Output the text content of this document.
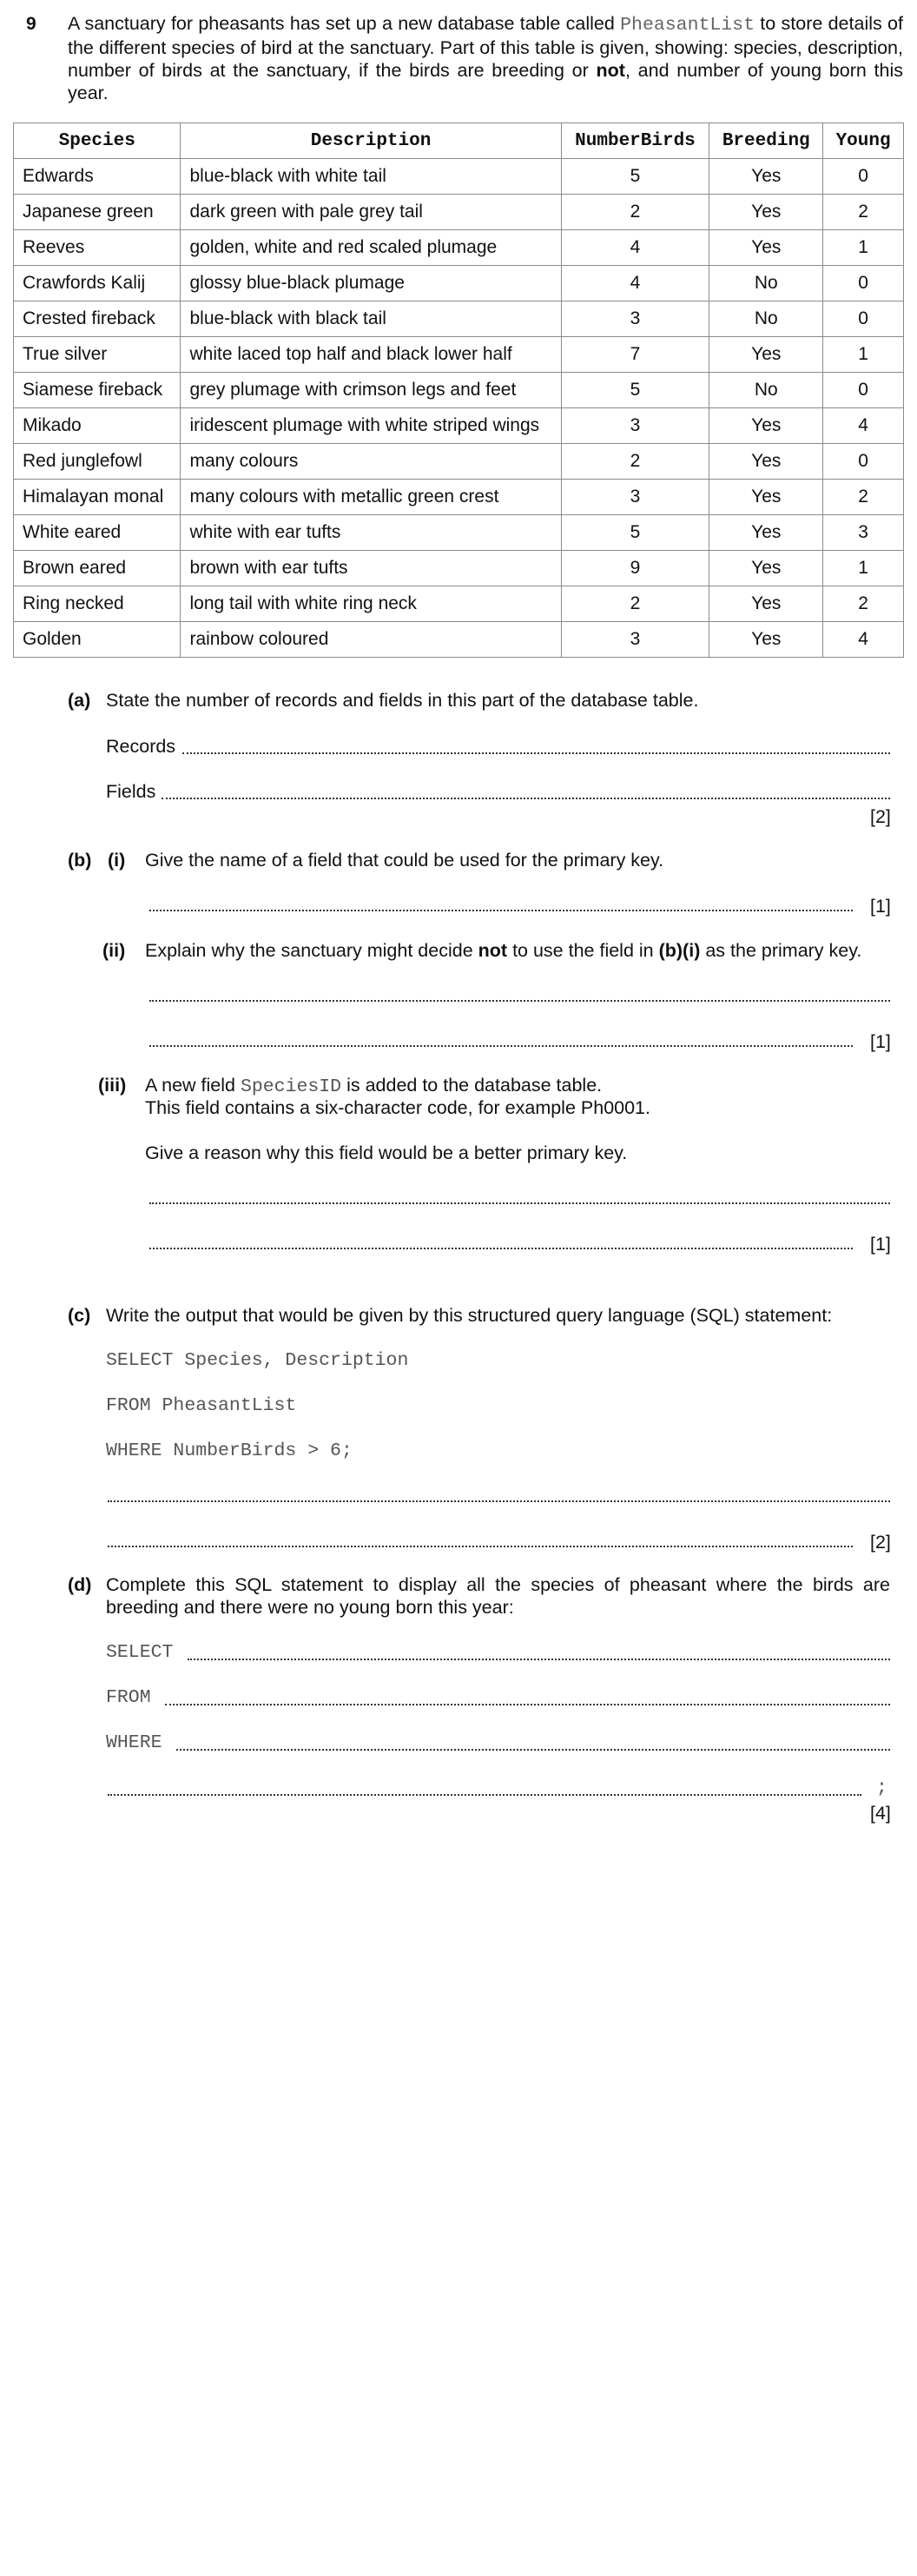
9 A sanctuary for pheasants has set up a new database table called PheasantList to store details of the different species of bird at the sanctuary. Part of this table is given, showing: species, description, number of birds at the sanctuary, if the birds are breeding or not, and number of young born this year.
Species	Description	NumberBirds	Breeding	Young
Edwards	blue-black with white tail	5	Yes	0
Japanese green	dark green with pale grey tail	2	Yes	2
Reeves	golden, white and red scaled plumage	4	Yes	1
Crawfords Kalij	glossy blue-black plumage	4	No	0
Crested fireback	blue-black with black tail	3	No	0
True silver	white laced top half and black lower half	7	Yes	1
Siamese fireback	grey plumage with crimson legs and feet	5	No	0
Mikado	iridescent plumage with white striped wings	3	Yes	4
Red junglefowl	many colours	2	Yes	0
Himalayan monal	many colours with metallic green crest	3	Yes	2
White eared	white with ear tufts	5	Yes	3
Brown eared	brown with ear tufts	9	Yes	1
Ring necked	long tail with white ring neck	2	Yes	2
Golden	rainbow coloured	3	Yes	4
(a) State the number of records and fields in this part of the database table.
Records
Fields
[2]
(b) (i) Give the name of a field that could be used for the primary key.
[1]
(ii) Explain why the sanctuary might decide not to use the field in (b)(i) as the primary key.
[1]
(iii) A new field SpeciesID is added to the database table.
This field contains a six-character code, for example Ph0001.
Give a reason why this field would be a better primary key.
[1]
(c) Write the output that would be given by this structured query language (SQL) statement:
SELECT Species, Description
FROM PheasantList
WHERE NumberBirds > 6;
[2]
(d) Complete this SQL statement to display all the species of pheasant where the birds are breeding and there were no young born this year:
SELECT
FROM
WHERE
;
[4]
